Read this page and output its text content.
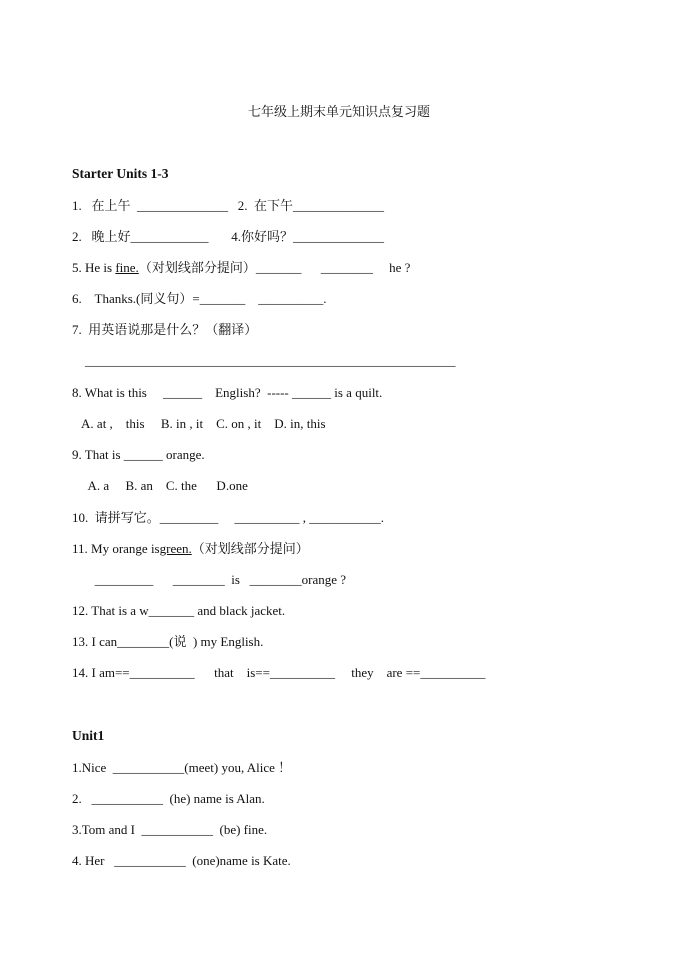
七年级上期末单元知识点复习题
Starter Units 1-3
1.   在上午  ______________   2.  在下午______________
2.   晚上好____________       4.你好吗？______________
5. He is fine.（对划线部分提问）_______      ________     he ?
6.    Thanks.(同义句）=_______    __________.
7.  用英语说那是什么？（翻译）
_________________________________________________________
8. What is this     ______    English?  ----- ______ is a quilt.
A. at ,    this     B. in , it    C. on , it    D. in, this
9. That is ______ orange.
A. a     B. an    C. the      D.one
10.  请拼写它。_________     __________ , ___________.
11. My orange isgreen.（对划线部分提问）
_________      ________  is   ________orange ?
12. That is a w_______ and black jacket.
13. I can________(说  ) my English.
14. I am==__________      that    is==__________     they    are ==__________
Unit1
1.Nice  ___________(meet) you, Alice ！
2.   ___________  (he) name is Alan.
3.Tom and I  ___________  (be) fine.
4. Her   ___________  (one)name is Kate.
